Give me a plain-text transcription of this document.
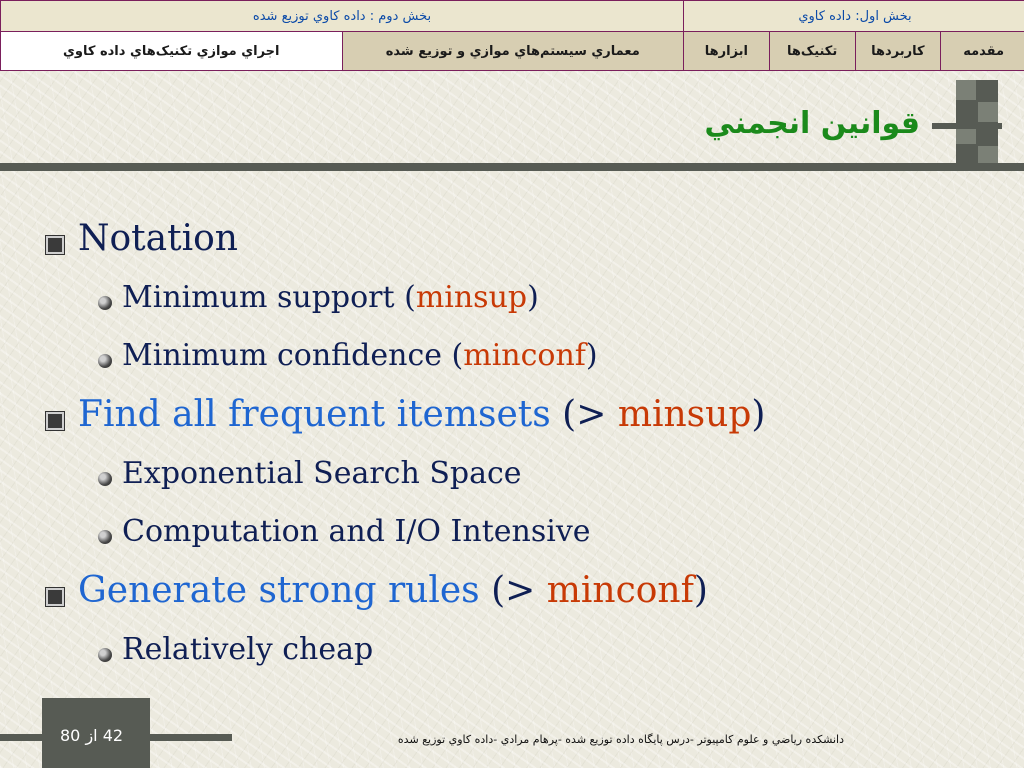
بخش دوم : داده کاوي توزيع شده		بخش اول: داده کاوي			
اجراي موازي تکنيک‌هاي داده کاوي	معماري سيستم‌هاي موازي و توزيع شده	ابزارها	تکنيک‌ها	کاربردها	مقدمه
قوانين انجمني
Notation
Minimum support (minsup)
Minimum confidence (minconf)
Find all frequent itemsets (> minsup)
Exponential Search Space
Computation and I/O Intensive
Generate strong rules (> minconf)
Relatively cheap
42 از 80	دانشکده رياضي و علوم کامپيوتر -درس پايگاه داده توزيع شده -پرهام مرادي -داده کاوي توزيع شده
